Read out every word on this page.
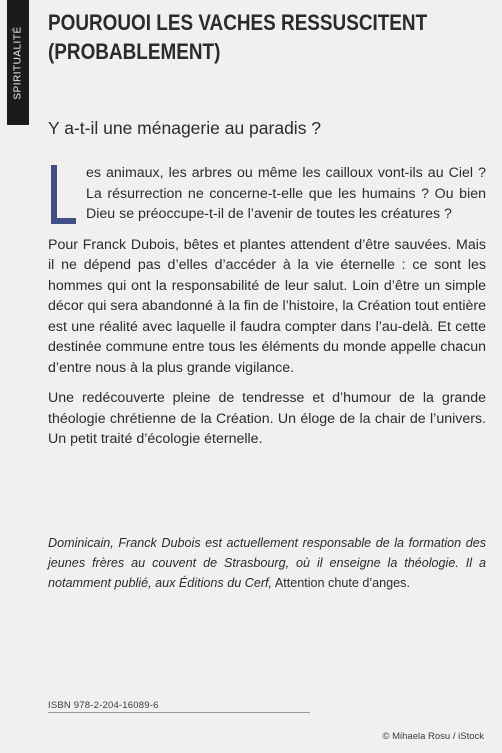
SPIRITUALITÉ
POUROUOI LES VACHES RESSUSCITENT
(PROBABLEMENT)
Y a-t-il une ménagerie au paradis ?

es animaux, les arbres ou même les cailloux vont-ils au Ciel ? La résurrection ne concerne-t-elle que les humains ? Ou bien Dieu se préoccupe-t-il de l’avenir de toutes les créatures ?

Pour Franck Dubois, bêtes et plantes attendent d’être sauvées. Mais il ne dépend pas d’elles d’accéder à la vie éternelle : ce sont les hommes qui ont la responsabilité de leur salut. Loin d’être un simple décor qui sera abandonné à la fin de l’histoire, la Création tout entière est une réalité avec laquelle il faudra compter dans l’au-delà. Et cette destinée commune entre tous les éléments du monde appelle chacun d’entre nous à la plus grande vigilance.

Une redécouverte pleine de tendresse et d’humour de la grande théologie chrétienne de la Création. Un éloge de la chair de l’univers. Un petit traité d’écologie éternelle.

Dominicain, Franck Dubois est actuellement responsable de la formation des jeunes frères au couvent de Strasbourg, où il enseigne la théologie. Il a notamment publié, aux Éditions du Cerf, Attention chute d’anges.
ISBN 978-2-204-16089-6
© Mihaela Rosu / iStock
